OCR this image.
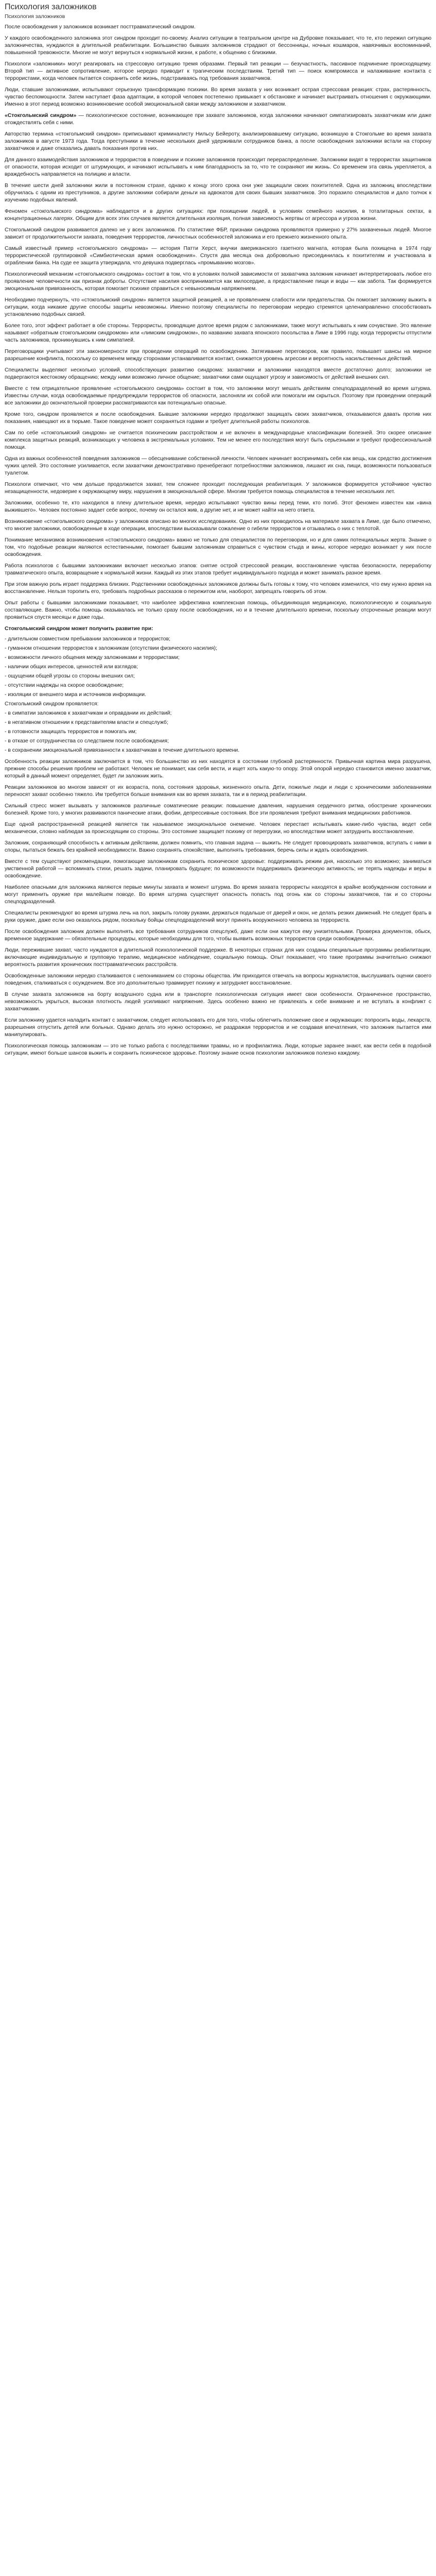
Психология заложников
Психология заложников

После освобождения у заложников возникает посттравматический синдром.

У каждого освобожденного заложника этот синдром проходит по-своему. Анализ ситуации в театральном центре на Дубровке показывает, что те, кто пережил ситуацию заложничества, нуждаются в длительной реабилитации. Большинство бывших заложников страдают от бессонницы, ночных кошмаров, навязчивых воспоминаний, повышенной тревожности. Многие не могут вернуться к нормальной жизни, к работе, к общению с близкими.

Психологи «заложники» могут реагировать на стрессовую ситуацию тремя образами. Первый тип реакции — безучастность, пассивное подчинение происходящему. Второй тип — активное сопротивление, которое нередко приводит к трагическим последствиям. Третий тип — поиск компромисса и налаживание контакта с террористами, когда человек пытается сохранить себе жизнь, подстраиваясь под требования захватчиков.

Люди, ставшие заложниками, испытывают серьезную трансформацию психики. Во время захвата у них возникает острая стрессовая реакция: страх, растерянность, чувство беспомощности. Затем наступает фаза адаптации, в которой человек постепенно привыкает к обстановке и начинает выстраивать отношения с окружающими. Именно в этот период возможно возникновение особой эмоциональной связи между заложником и захватчиком.

«Стокгольмский синдром» — психологическое состояние, возникающее при захвате заложников, когда заложники начинают симпатизировать захватчикам или даже отождествлять себя с ними.

Авторство термина «стокгольмский синдром» приписывают криминалисту Нильсу Бейероту, анализировавшему ситуацию, возникшую в Стокгольме во время захвата заложников в августе 1973 года. Тогда преступники в течение нескольких дней удерживали сотрудников банка, а после освобождения заложники встали на сторону захватчиков и даже отказались давать показания против них.

Для данного взаимодействия заложников и террористов в поведении и психике заложников происходит перераспределение. Заложники видят в террористах защитников от опасности, которая исходит от штурмующих, и начинают испытывать к ним благодарность за то, что те сохраняют им жизнь. Со временем эта связь укрепляется, а враждебность направляется на полицию и власти.

В течение шести дней заложники жили в постоянном страхе, однако к концу этого срока они уже защищали своих похитителей. Одна из заложниц впоследствии обручилась с одним из преступников, а другие заложники собирали деньги на адвокатов для своих бывших захватчиков. Это поразило специалистов и дало толчок к изучению подобных явлений.

Феномен «стокгольмского синдрома» наблюдается и в других ситуациях: при похищении людей, в условиях семейного насилия, в тоталитарных сектах, в концентрационных лагерях. Общим для всех этих случаев является длительная изоляция, полная зависимость жертвы от агрессора и угроза жизни.

Стокгольмский синдром развивается далеко не у всех заложников. По статистике ФБР, признаки синдрома проявляются примерно у 27% захваченных людей. Многое зависит от продолжительности захвата, поведения террористов, личностных особенностей заложника и его прежнего жизненного опыта.

Самый известный пример «стокгольмского синдрома» — история Патти Херст, внучки американского газетного магната, которая была похищена в 1974 году террористической группировкой «Симбиотическая армия освобождения». Спустя два месяца она добровольно присоединилась к похитителям и участвовала в ограблении банка. На суде ее защита утверждала, что девушка подверглась «промыванию мозгов».

Психологический механизм «стокгольмского синдрома» состоит в том, что в условиях полной зависимости от захватчика заложник начинает интерпретировать любое его проявление человечности как признак доброты. Отсутствие насилия воспринимается как милосердие, а предоставление пищи и воды — как забота. Так формируется эмоциональная привязанность, которая помогает психике справиться с невыносимым напряжением.

Необходимо подчеркнуть, что «стокгольмский синдром» является защитной реакцией, а не проявлением слабости или предательства. Он помогает заложнику выжить в ситуации, когда никакие другие способы защиты невозможны. Именно поэтому специалисты по переговорам нередко стремятся целенаправленно способствовать установлению подобных связей.

Более того, этот эффект работает в обе стороны. Террористы, проводящие долгое время рядом с заложниками, также могут испытывать к ним сочувствие. Это явление называют «обратным стокгольмским синдромом» или «лимским синдромом», по названию захвата японского посольства в Лиме в 1996 году, когда террористы отпустили часть заложников, проникнувшись к ним симпатией.

Переговорщики учитывают эти закономерности при проведении операций по освобождению. Затягивание переговоров, как правило, повышает шансы на мирное разрешение конфликта, поскольку со временем между сторонами устанавливается контакт, снижается уровень агрессии и вероятность насильственных действий.

Специалисты выделяют несколько условий, способствующих развитию синдрома: захватчики и заложники находятся вместе достаточно долго; заложники не подвергаются жестокому обращению; между ними возможно личное общение; захватчики сами ощущают угрозу и зависимость от действий внешних сил.

Вместе с тем отрицательное проявление «стокгольмского синдрома» состоит в том, что заложники могут мешать действиям спецподразделений во время штурма. Известны случаи, когда освобождаемые предупреждали террористов об опасности, заслоняли их собой или помогали им скрыться. Поэтому при проведении операций все заложники до окончательной проверки рассматриваются как потенциально опасные.

Кроме того, синдром проявляется и после освобождения. Бывшие заложники нередко продолжают защищать своих захватчиков, отказываются давать против них показания, навещают их в тюрьме. Такое поведение может сохраняться годами и требует длительной работы психологов.

Сам по себе «стокгольмский синдром» не считается психическим расстройством и не включен в международные классификации болезней. Это скорее описание комплекса защитных реакций, возникающих у человека в экстремальных условиях. Тем не менее его последствия могут быть серьезными и требуют профессиональной помощи.

Одна из важных особенностей поведения заложников — обесценивание собственной личности. Человек начинает воспринимать себя как вещь, как средство достижения чужих целей. Это состояние усиливается, если захватчики демонстративно пренебрегают потребностями заложников, лишают их сна, пищи, возможности пользоваться туалетом.

Психологи отмечают, что чем дольше продолжается захват, тем сложнее проходит последующая реабилитация. У заложников формируется устойчивое чувство незащищенности, недоверие к окружающему миру, нарушения в эмоциональной сфере. Многим требуется помощь специалистов в течение нескольких лет.

Заложники, особенно те, кто находился в плену длительное время, нередко испытывают чувство вины перед теми, кто погиб. Этот феномен известен как «вина выжившего». Человек постоянно задает себе вопрос, почему он остался жив, а другие нет, и не может найти на него ответа.

Возникновение «стокгольмского синдрома» у заложников описано во многих исследованиях. Одно из них проводилось на материале захвата в Лиме, где было отмечено, что многие заложники, освобожденные в ходе операции, впоследствии высказывали сожаление о гибели террористов и отзывались о них с теплотой.

Понимание механизмов возникновения «стокгольмского синдрома» важно не только для специалистов по переговорам, но и для самих потенциальных жертв. Знание о том, что подобные реакции являются естественными, помогает бывшим заложникам справиться с чувством стыда и вины, которое нередко возникает у них после освобождения.

Работа психологов с бывшими заложниками включает несколько этапов: снятие острой стрессовой реакции, восстановление чувства безопасности, переработку травматического опыта, возвращение к нормальной жизни. Каждый из этих этапов требует индивидуального подхода и может занимать разное время.

При этом важную роль играет поддержка близких. Родственники освобожденных заложников должны быть готовы к тому, что человек изменился, что ему нужно время на восстановление. Нельзя торопить его, требовать подробных рассказов о пережитом или, наоборот, запрещать говорить об этом.

Опыт работы с бывшими заложниками показывает, что наиболее эффективна комплексная помощь, объединяющая медицинскую, психологическую и социальную составляющие. Важно, чтобы помощь оказывалась не только сразу после освобождения, но и в течение длительного времени, поскольку отсроченные реакции могут проявиться спустя месяцы и даже годы.

Стокгольмский синдром может получить развитие при:
- длительном совместном пребывании заложников и террористов;
- гуманном отношении террористов к заложникам (отсутствии физического насилия);
- возможности личного общения между заложниками и террористами;
- наличии общих интересов, ценностей или взглядов;
- ощущении общей угрозы со стороны внешних сил;
- отсутствии надежды на скорое освобождение;
- изоляции от внешнего мира и источников информации.
Стокгольмский синдром проявляется:
- в симпатии заложников к захватчикам и оправдании их действий;
- в негативном отношении к представителям власти и спецслужб;
- в готовности защищать террористов и помогать им;
- в отказе от сотрудничества со следствием после освобождения;
- в сохранении эмоциональной привязанности к захватчикам в течение длительного времени.

Особенность реакции заложников заключается в том, что большинство из них находятся в состоянии глубокой растерянности. Привычная картина мира разрушена, прежние способы решения проблем не работают. Человек не понимает, как себя вести, и ищет хоть какую-то опору. Этой опорой нередко становится именно захватчик, который в данный момент определяет, будет ли заложник жить.

Реакции заложников во многом зависят от их возраста, пола, состояния здоровья, жизненного опыта. Дети, пожилые люди и люди с хроническими заболеваниями переносят захват особенно тяжело. Им требуется больше внимания как во время захвата, так и в период реабилитации.

Сильный стресс может вызывать у заложников различные соматические реакции: повышение давления, нарушения сердечного ритма, обострение хронических болезней. Кроме того, у многих развиваются панические атаки, фобии, депрессивные состояния. Все эти проявления требуют внимания медицинских работников.

Еще одной распространенной реакцией является так называемое эмоциональное онемение. Человек перестает испытывать какие-либо чувства, ведет себя механически, словно наблюдая за происходящим со стороны. Это состояние защищает психику от перегрузки, но впоследствии может затруднить восстановление.

Заложник, сохраняющий способность к активным действиям, должен помнить, что главная задача — выжить. Не следует провоцировать захватчиков, вступать с ними в споры, пытаться бежать без крайней необходимости. Важно сохранять спокойствие, выполнять требования, беречь силы и ждать освобождения.

Вместе с тем существуют рекомендации, помогающие заложникам сохранить психическое здоровье: поддерживать режим дня, насколько это возможно; заниматься умственной работой — вспоминать стихи, решать задачи, планировать будущее; по возможности поддерживать физическую активность; не терять надежды и веры в освобождение.

Наиболее опасными для заложника являются первые минуты захвата и момент штурма. Во время захвата террористы находятся в крайне возбужденном состоянии и могут применить оружие при малейшем поводе. Во время штурма существует опасность попасть под огонь как со стороны захватчиков, так и со стороны спецподразделений.

Специалисты рекомендуют во время штурма лечь на пол, закрыть голову руками, держаться подальше от дверей и окон, не делать резких движений. Не следует брать в руки оружие, даже если оно оказалось рядом, поскольку бойцы спецподразделений могут принять вооруженного человека за террориста.

После освобождения заложник должен выполнять все требования сотрудников спецслужб, даже если они кажутся ему унизительными. Проверка документов, обыск, временное задержание — обязательные процедуры, которые необходимы для того, чтобы выявить возможных террористов среди освобожденных.

Люди, пережившие захват, часто нуждаются в длительной психологической поддержке. В некоторых странах для них созданы специальные программы реабилитации, включающие индивидуальную и групповую терапию, медицинское наблюдение, социальную помощь. Опыт показывает, что такие программы значительно снижают вероятность развития хронических посттравматических расстройств.

Освобожденные заложники нередко сталкиваются с непониманием со стороны общества. Им приходится отвечать на вопросы журналистов, выслушивать оценки своего поведения, сталкиваться с осуждением. Все это дополнительно травмирует психику и затрудняет восстановление.

В случае захвата заложников на борту воздушного судна или в транспорте психологическая ситуация имеет свои особенности. Ограниченное пространство, невозможность укрыться, высокая плотность людей усиливают напряжение. Здесь особенно важно не привлекать к себе внимание и не вступать в конфликт с захватчиками.

Если заложнику удается наладить контакт с захватчиком, следует использовать его для того, чтобы облегчить положение свое и окружающих: попросить воды, лекарств, разрешения отпустить детей или больных. Однако делать это нужно осторожно, не раздражая террористов и не создавая впечатления, что заложник пытается ими манипулировать.

Психологическая помощь заложникам — это не только работа с последствиями травмы, но и профилактика. Люди, которые заранее знают, как вести себя в подобной ситуации, имеют больше шансов выжить и сохранить психическое здоровье. Поэтому знание основ психологии заложников полезно каждому.
